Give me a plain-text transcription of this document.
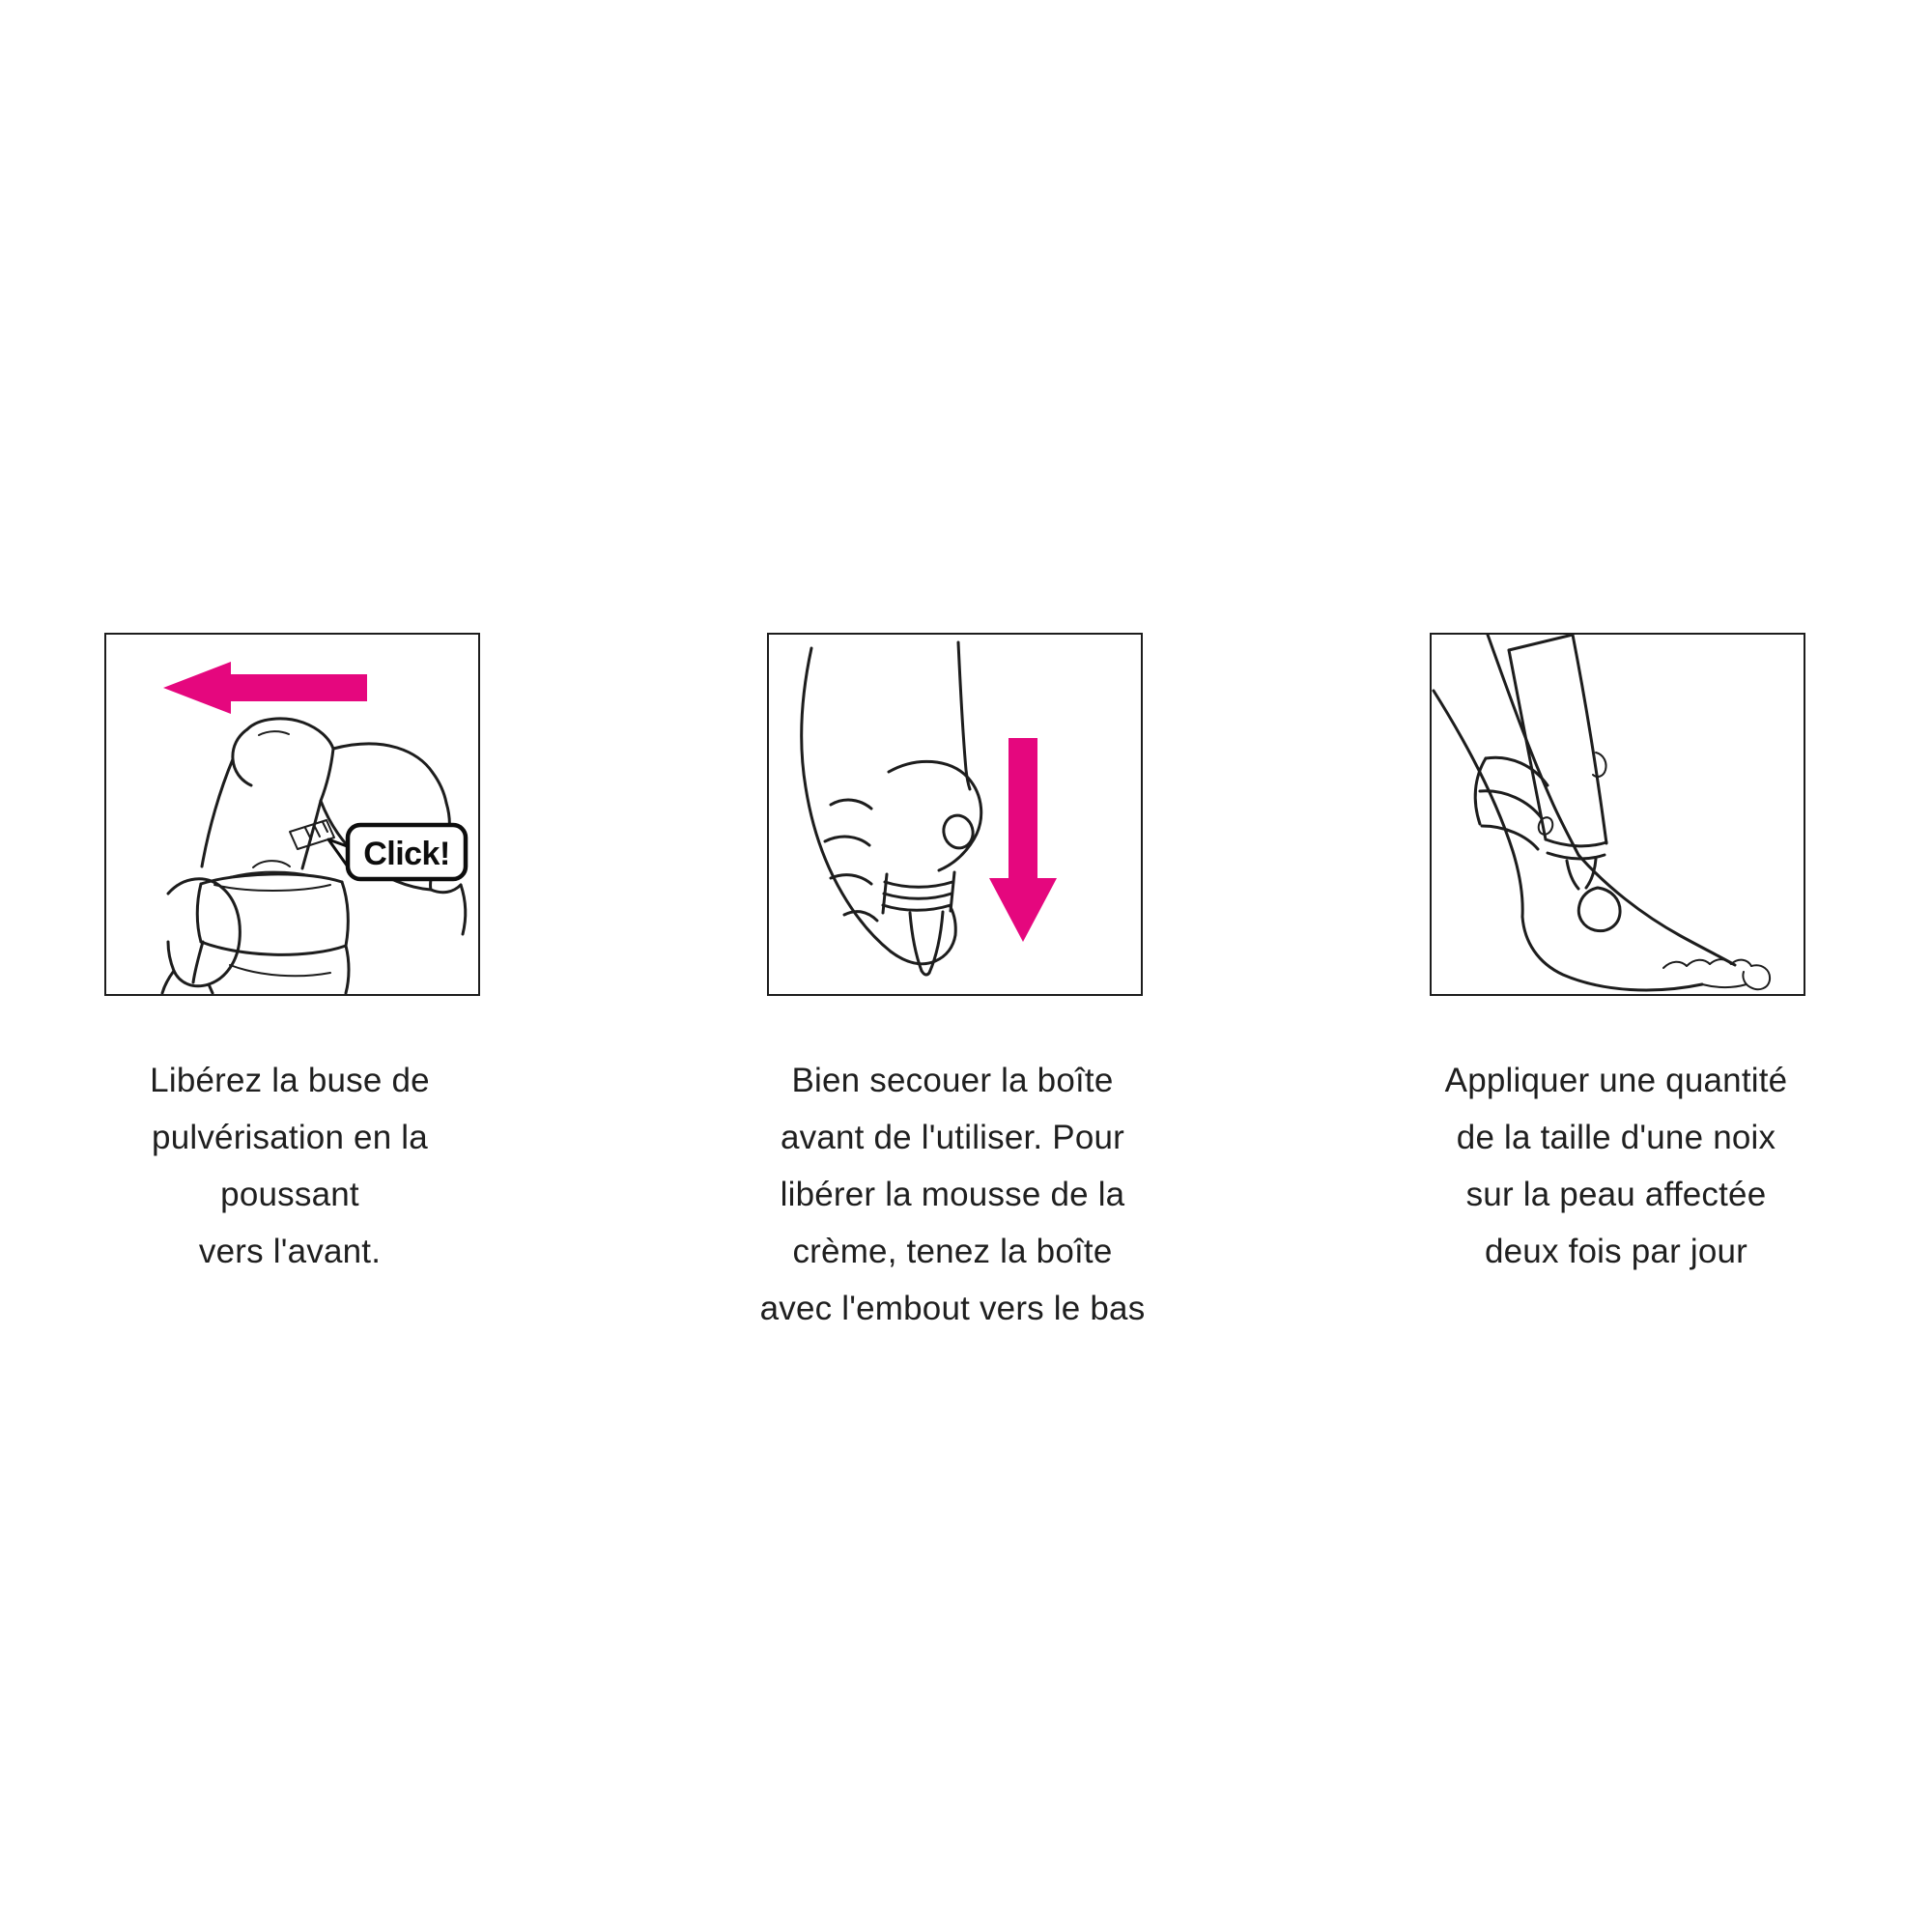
Click!
Libérez la buse de
pulvérisation en la
poussant
vers l'avant.
Bien secouer la boîte
avant de l'utiliser. Pour
libérer la mousse de la
crème, tenez la boîte
avec l'embout vers le bas
Appliquer une quantité
de la taille d'une noix
sur la peau affectée
deux fois par jour
